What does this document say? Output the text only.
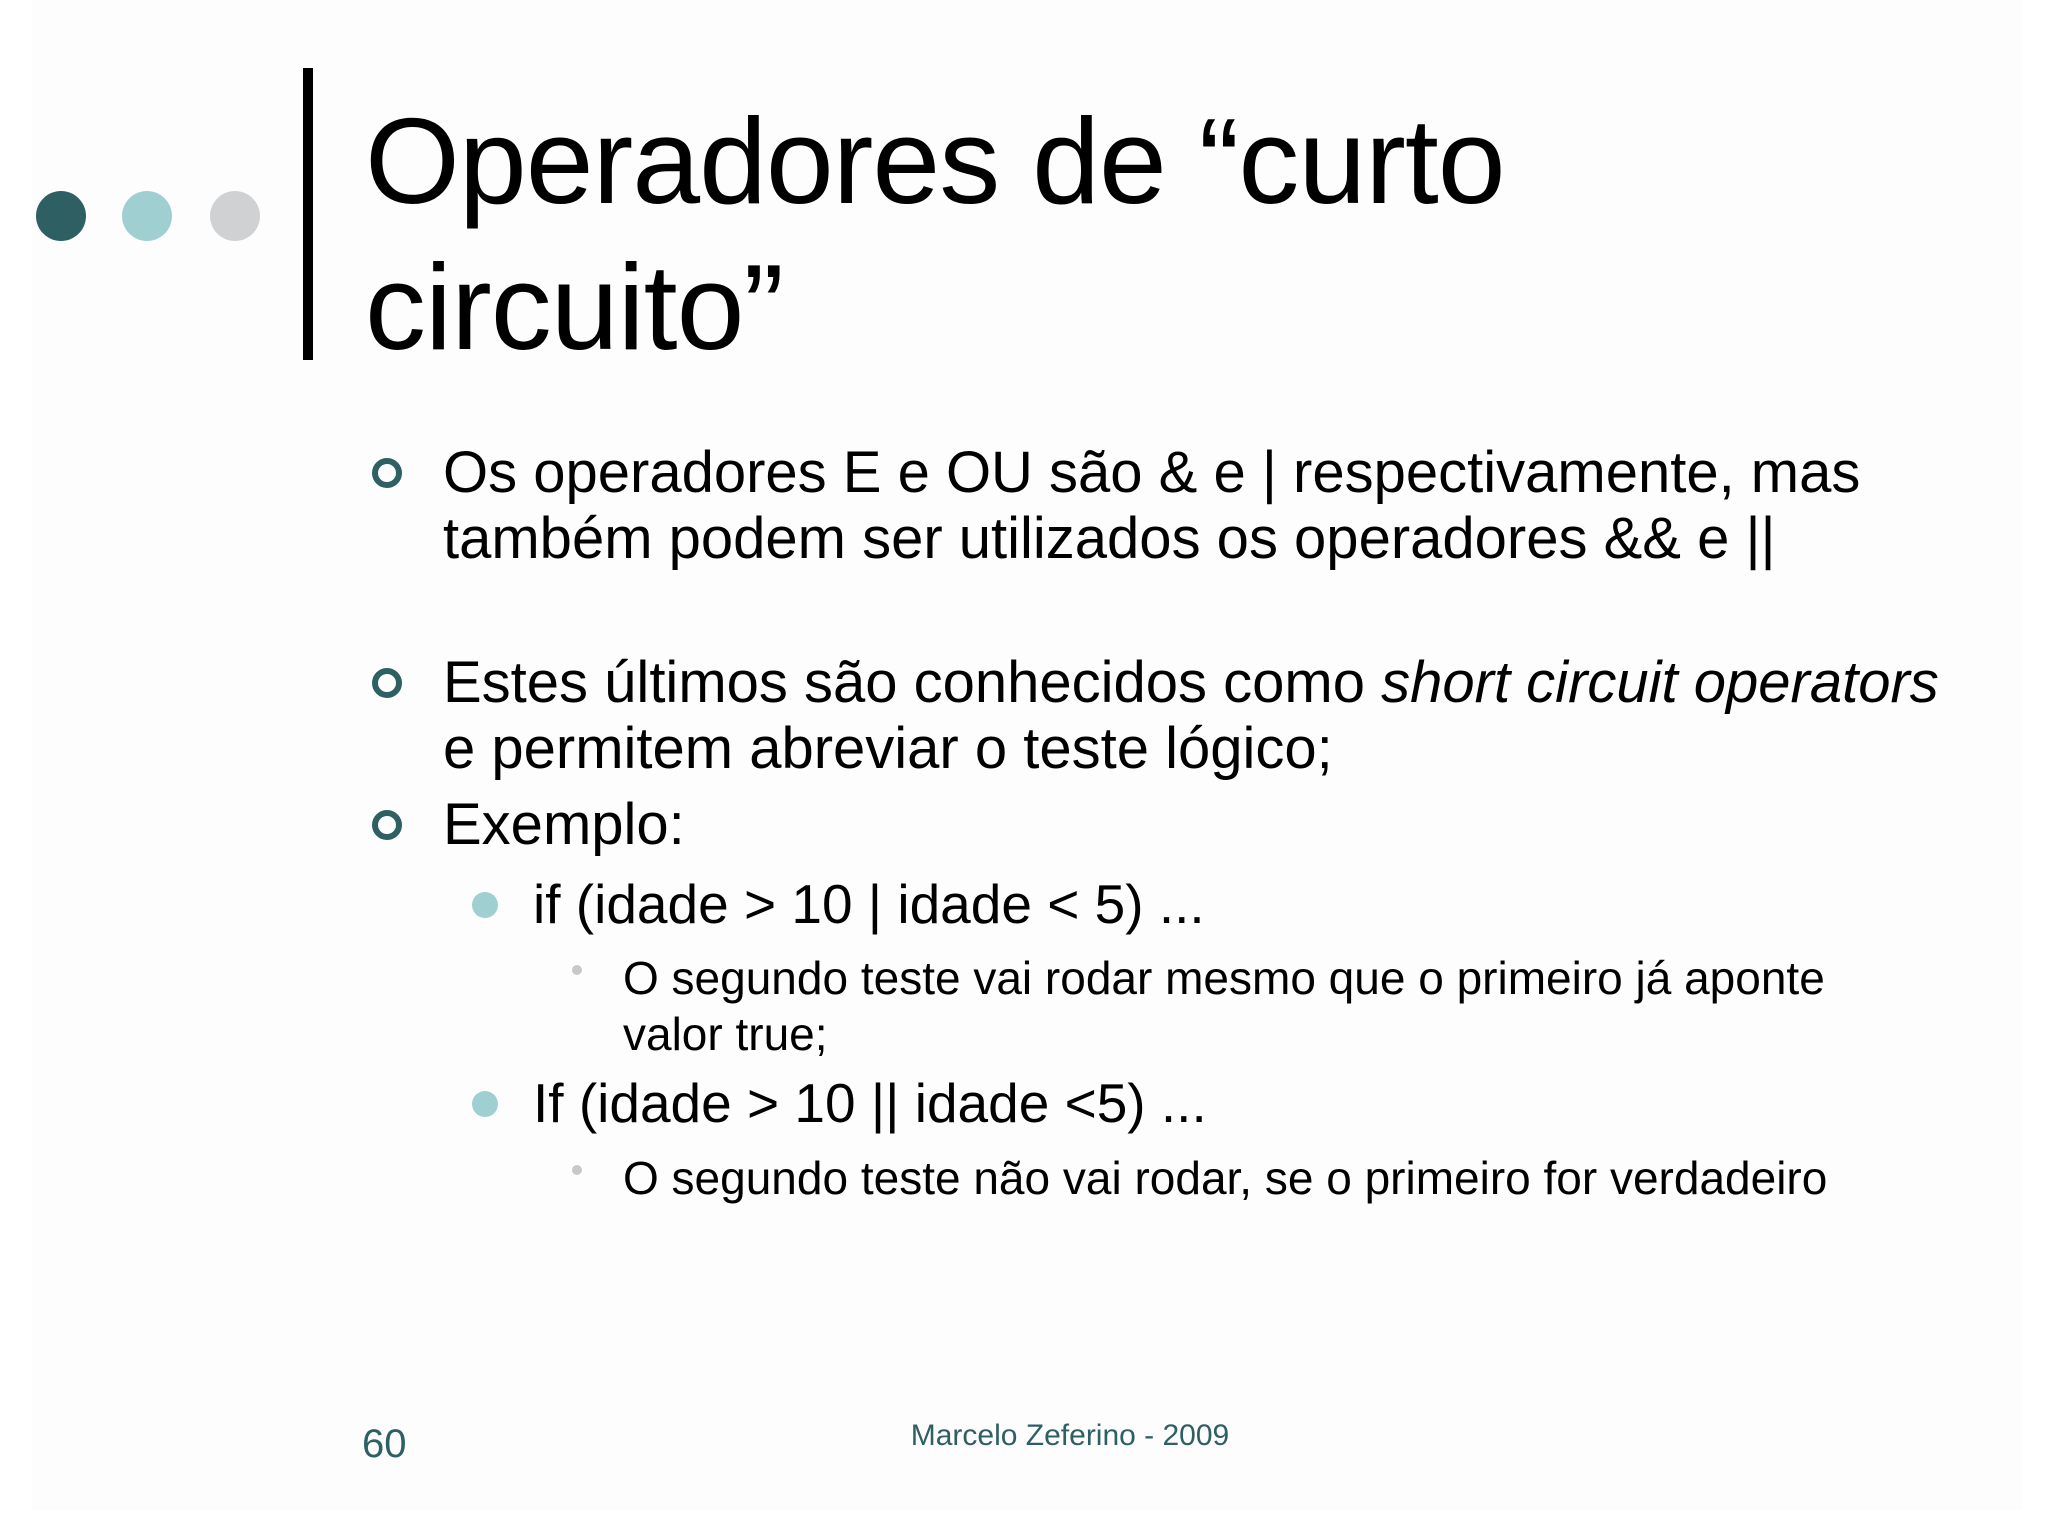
Operadores de “curto circuito”
Os operadores E e OU são & e | respectivamente, mas também podem ser utilizados os operadores && e ||
Estes últimos são conhecidos como short circuit operators e permitem abreviar o teste lógico;
Exemplo:
if (idade > 10 | idade < 5) ...
O segundo teste vai rodar mesmo que o primeiro já aponte valor true;
If (idade > 10 || idade <5) ...
O segundo teste não vai rodar, se o primeiro for verdadeiro
60	Marcelo Zeferino - 2009
